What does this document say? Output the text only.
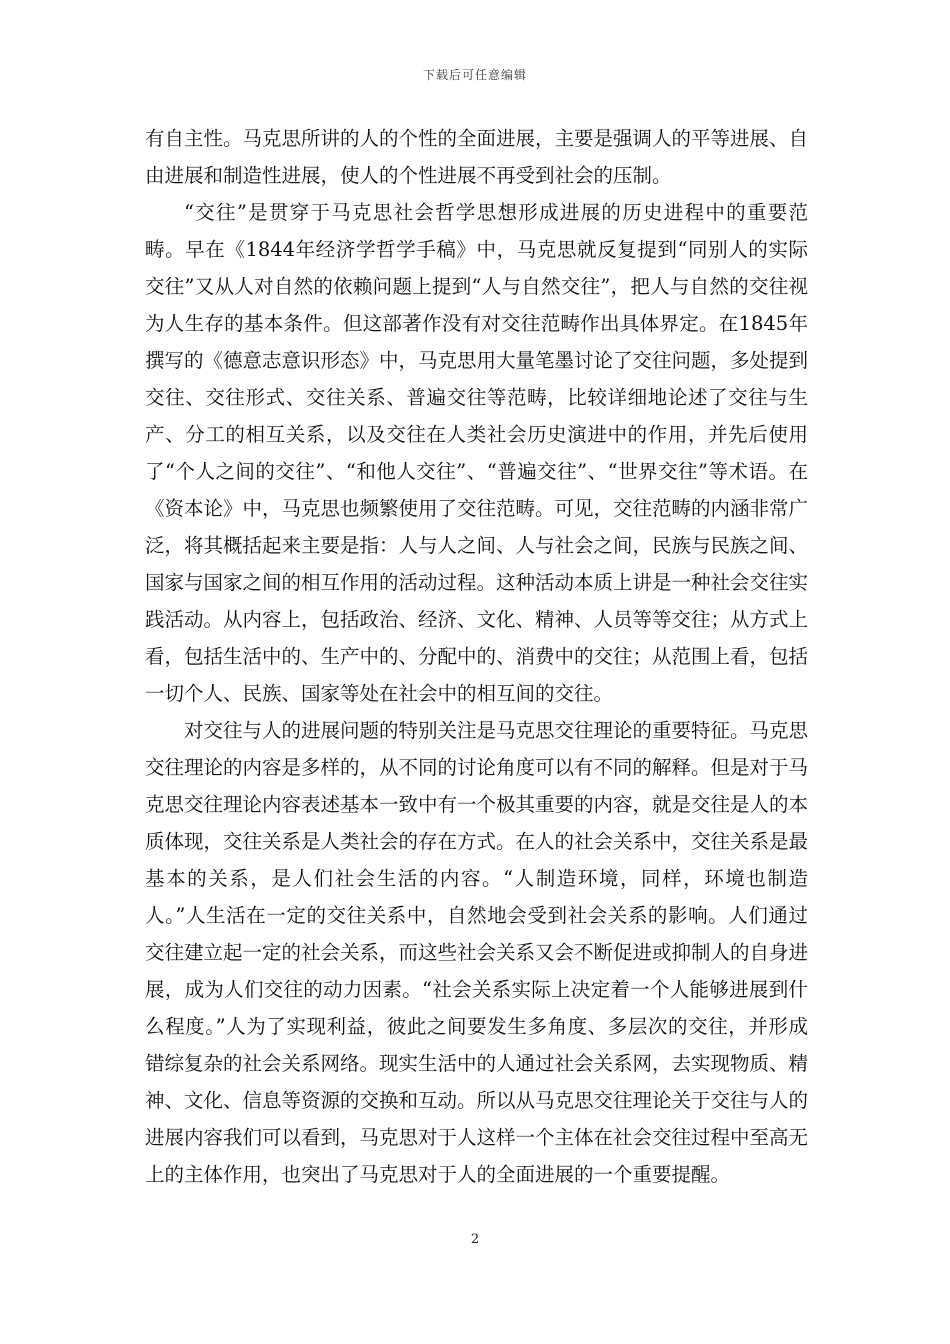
下载后可任意编辑

有自主性。马克思所讲的人的个性的全面进展，主要是强调人的平等进展、自由进展和制造性进展，使人的个性进展不再受到社会的压制。

“交往”是贯穿于马克思社会哲学思想形成进展的历史进程中的重要范畴。早在《1844年经济学哲学手稿》中，马克思就反复提到“同别人的实际交往”又从人对自然的依赖问题上提到“人与自然交往”，把人与自然的交往视为人生存的基本条件。但这部著作没有对交往范畴作出具体界定。在1845年撰写的《德意志意识形态》中，马克思用大量笔墨讨论了交往问题，多处提到交往、交往形式、交往关系、普遍交往等范畴，比较详细地论述了交往与生产、分工的相互关系，以及交往在人类社会历史演进中的作用，并先后使用了“个人之间的交往”、“和他人交往”、“普遍交往”、“世界交往”等术语。在《资本论》中，马克思也频繁使用了交往范畴。可见，交往范畴的内涵非常广泛，将其概括起来主要是指：人与人之间、人与社会之间，民族与民族之间、国家与国家之间的相互作用的活动过程。这种活动本质上讲是一种社会交往实践活动。从内容上，包括政治、经济、文化、精神、人员等等交往；从方式上看，包括生活中的、生产中的、分配中的、消费中的交往；从范围上看，包括一切个人、民族、国家等处在社会中的相互间的交往。

对交往与人的进展问题的特别关注是马克思交往理论的重要特征。马克思交往理论的内容是多样的，从不同的讨论角度可以有不同的解释。但是对于马克思交往理论内容表述基本一致中有一个极其重要的内容，就是交往是人的本质体现，交往关系是人类社会的存在方式。在人的社会关系中，交往关系是最基本的关系，是人们社会生活的内容。“人制造环境，同样，环境也制造人。”人生活在一定的交往关系中，自然地会受到社会关系的影响。人们通过交往建立起一定的社会关系，而这些社会关系又会不断促进或抑制人的自身进展，成为人们交往的动力因素。“社会关系实际上决定着一个人能够进展到什么程度。”人为了实现利益，彼此之间要发生多角度、多层次的交往，并形成错综复杂的社会关系网络。现实生活中的人通过社会关系网，去实现物质、精神、文化、信息等资源的交换和互动。所以从马克思交往理论关于交往与人的进展内容我们可以看到，马克思对于人这样一个主体在社会交往过程中至高无上的主体作用，也突出了马克思对于人的全面进展的一个重要提醒。

2
